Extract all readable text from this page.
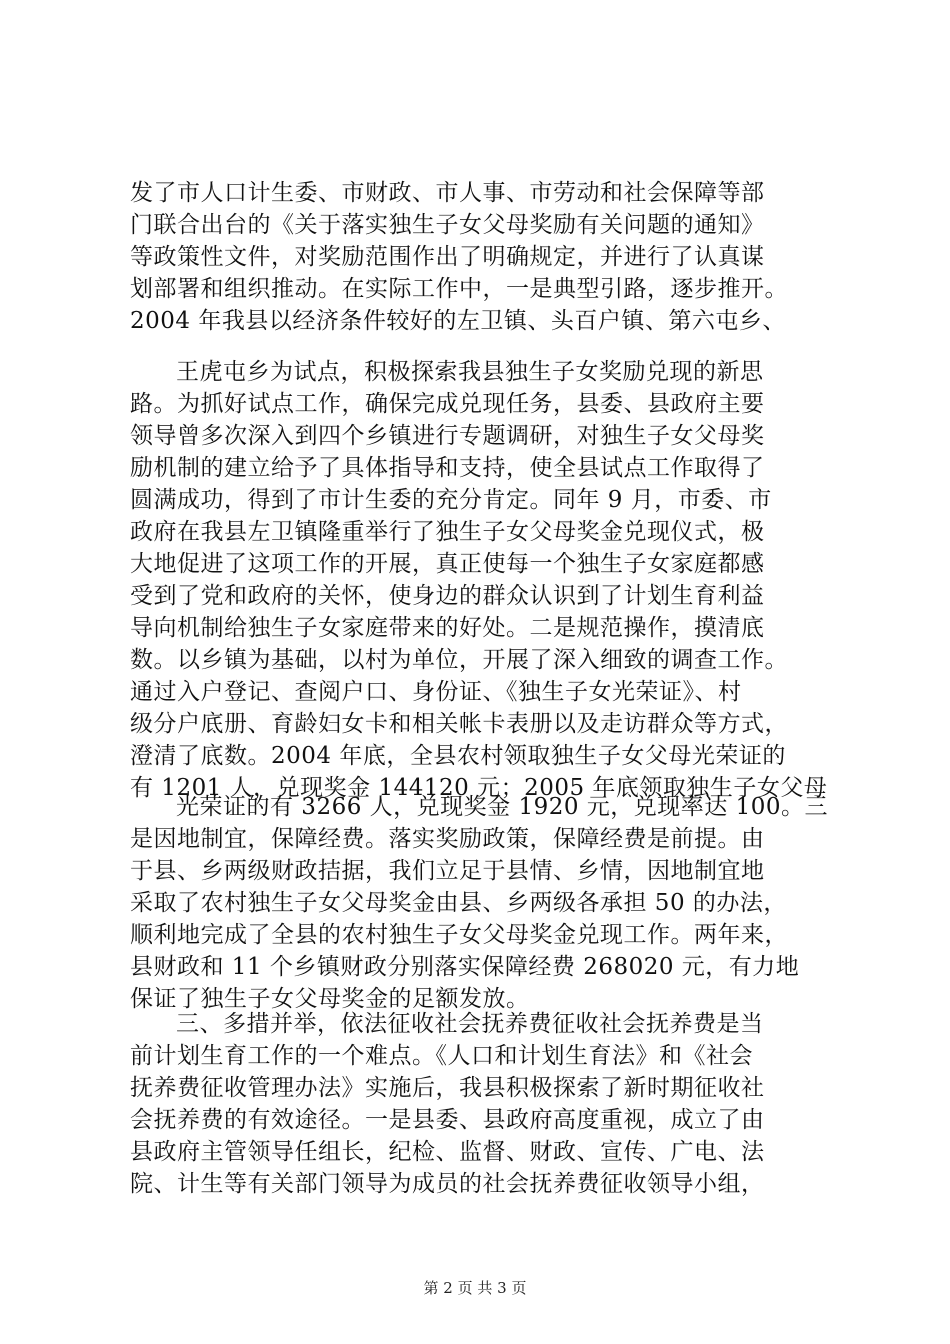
发了市人口计生委、市财政、市人事、市劳动和社会保障等部
门联合出台的《关于落实独生子女父母奖励有关问题的通知》
等政策性文件，对奖励范围作出了明确规定，并进行了认真谋
划部署和组织推动。在实际工作中，一是典型引路，逐步推开。
2004 年我县以经济条件较好的左卫镇、头百户镇、第六屯乡、
王虎屯乡为试点，积极探索我县独生子女奖励兑现的新思
路。为抓好试点工作，确保完成兑现任务，县委、县政府主要
领导曾多次深入到四个乡镇进行专题调研，对独生子女父母奖
励机制的建立给予了具体指导和支持，使全县试点工作取得了
圆满成功，得到了市计生委的充分肯定。同年 9 月，市委、市
政府在我县左卫镇隆重举行了独生子女父母奖金兑现仪式，极
大地促进了这项工作的开展，真正使每一个独生子女家庭都感
受到了党和政府的关怀，使身边的群众认识到了计划生育利益
导向机制给独生子女家庭带来的好处。二是规范操作，摸清底
数。以乡镇为基础，以村为单位，开展了深入细致的调查工作。
通过入户登记、查阅户口、身份证、《独生子女光荣证》、村
级分户底册、育龄妇女卡和相关帐卡表册以及走访群众等方式，
澄清了底数。2004 年底，全县农村领取独生子女父母光荣证的
有 1201 人，兑现奖金 144120 元；2005 年底领取独生子女父母
光荣证的有 3266 人，兑现奖金 1920 元，兑现率达 100。三
是因地制宜，保障经费。落实奖励政策，保障经费是前提。由
于县、乡两级财政拮据，我们立足于县情、乡情，因地制宜地
采取了农村独生子女父母奖金由县、乡两级各承担 50 的办法，
顺利地完成了全县的农村独生子女父母奖金兑现工作。两年来，
县财政和 11 个乡镇财政分别落实保障经费 268020 元，有力地
保证了独生子女父母奖金的足额发放。
三、多措并举，依法征收社会抚养费征收社会抚养费是当
前计划生育工作的一个难点。《人口和计划生育法》和《社会
抚养费征收管理办法》实施后，我县积极探索了新时期征收社
会抚养费的有效途径。一是县委、县政府高度重视，成立了由
县政府主管领导任组长，纪检、监督、财政、宣传、广电、法
院、计生等有关部门领导为成员的社会抚养费征收领导小组，
第 2 页 共 3 页
